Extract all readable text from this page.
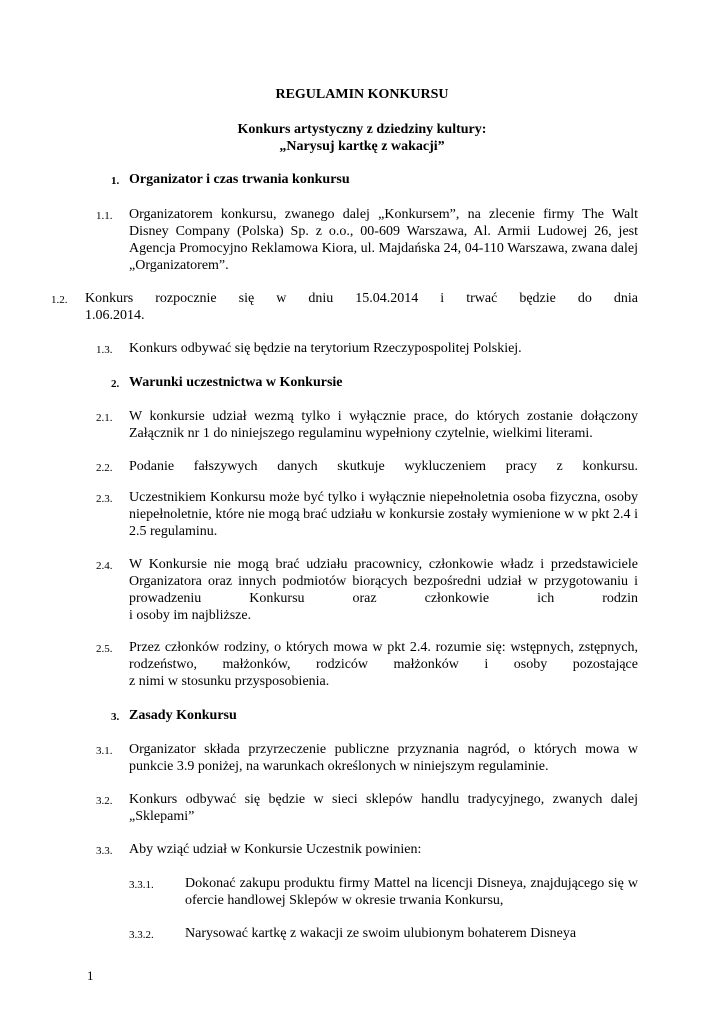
REGULAMIN KONKURSU
Konkurs artystyczny z dziedziny kultury:
„Narysuj kartkę z wakacji”
1. Organizator i czas trwania konkursu
1.1. Organizatorem konkursu, zwanego dalej „Konkursem”, na zlecenie firmy The Walt Disney Company (Polska) Sp. z o.o., 00-609 Warszawa, Al. Armii Ludowej 26, jest Agencja Promocyjno Reklamowa Kiora, ul. Majdańska 24, 04-110 Warszawa, zwana dalej „Organizatorem”.
1.2. Konkurs rozpocznie się w dniu 15.04.2014 i trwać będzie do dnia
1.06.2014.
1.3. Konkurs odbywać się będzie na terytorium Rzeczypospolitej Polskiej.
2. Warunki uczestnictwa w Konkursie
2.1. W konkursie udział wezmą tylko i wyłącznie prace, do których zostanie dołączony Załącznik nr 1 do niniejszego regulaminu wypełniony czytelnie, wielkimi literami.
2.2. Podanie fałszywych danych skutkuje wykluczeniem pracy z konkursu.
2.3. Uczestnikiem Konkursu może być tylko i wyłącznie niepełnoletnia osoba fizyczna, osoby niepełnoletnie, które nie mogą brać udziału w konkursie zostały wymienione w w pkt 2.4 i 2.5 regulaminu.
2.4. W Konkursie nie mogą brać udziału pracownicy, członkowie władz i przedstawiciele
Organizatora oraz innych podmiotów biorących bezpośredni udział w przygotowaniu i
prowadzeniu Konkursu oraz członkowie ich rodzin
i osoby im najbliższe.
2.5. Przez członków rodziny, o których mowa w pkt 2.4. rozumie się: wstępnych, zstępnych,
rodzeństwo, małżonków, rodziców małżonków i osoby pozostające
z nimi w stosunku przysposobienia.
3. Zasady Konkursu
3.1. Organizator składa przyrzeczenie publiczne przyznania nagród, o których mowa w punkcie 3.9 poniżej, na warunkach określonych w niniejszym regulaminie.
3.2. Konkurs odbywać się będzie w sieci sklepów handlu tradycyjnego, zwanych dalej „Sklepami”
3.3. Aby wziąć udział w Konkursie Uczestnik powinien:
3.3.1. Dokonać zakupu produktu firmy Mattel na licencji Disneya, znajdującego się w ofercie handlowej Sklepów w okresie trwania Konkursu,
3.3.2. Narysować kartkę z wakacji ze swoim ulubionym bohaterem Disneya
1
